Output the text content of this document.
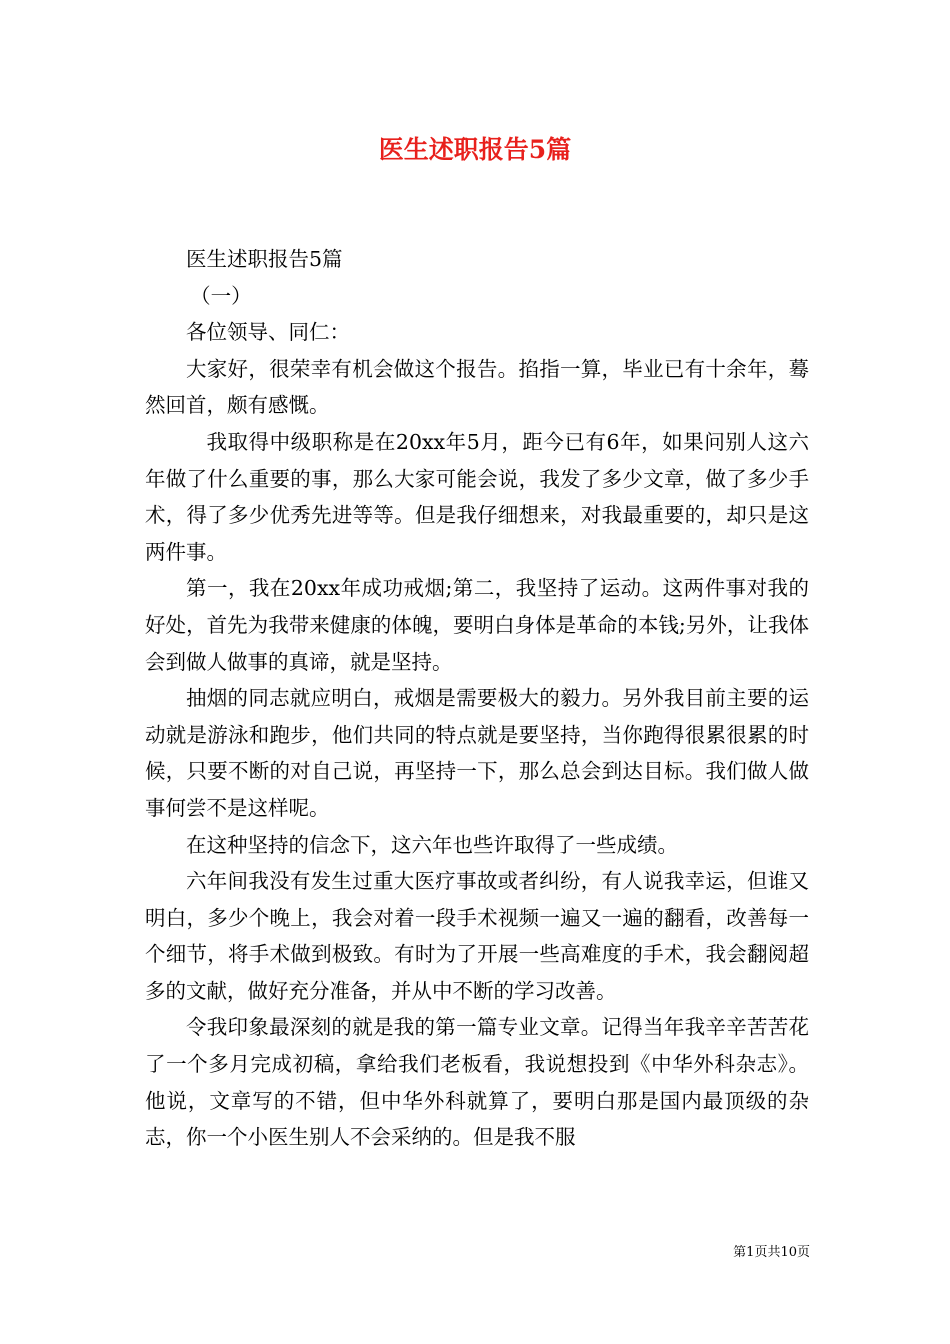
医生述职报告5篇

医生述职报告5篇

（一）

各位领导、同仁：

大家好，很荣幸有机会做这个报告。掐指一算，毕业已有十余年，蓦然回首，颇有感慨。

我取得中级职称是在20xx年5月，距今已有6年，如果问别人这六年做了什么重要的事，那么大家可能会说，我发了多少文章，做了多少手术，得了多少优秀先进等等。但是我仔细想来，对我最重要的，却只是这两件事。

第一，我在20xx年成功戒烟;第二，我坚持了运动。这两件事对我的好处，首先为我带来健康的体魄，要明白身体是革命的本钱;另外，让我体会到做人做事的真谛，就是坚持。

抽烟的同志就应明白，戒烟是需要极大的毅力。另外我目前主要的运动就是游泳和跑步，他们共同的特点就是要坚持，当你跑得很累很累的时候，只要不断的对自己说，再坚持一下，那么总会到达目标。我们做人做事何尝不是这样呢。

在这种坚持的信念下，这六年也些许取得了一些成绩。

六年间我没有发生过重大医疗事故或者纠纷，有人说我幸运，但谁又明白，多少个晚上，我会对着一段手术视频一遍又一遍的翻看，改善每一个细节，将手术做到极致。有时为了开展一些高难度的手术，我会翻阅超多的文献，做好充分准备，并从中不断的学习改善。

令我印象最深刻的就是我的第一篇专业文章。记得当年我辛辛苦苦花了一个多月完成初稿，拿给我们老板看，我说想投到《中华外科杂志》。他说，文章写的不错，但中华外科就算了，要明白那是国内最顶级的杂志，你一个小医生别人不会采纳的。但是我不服

第1页共10页
